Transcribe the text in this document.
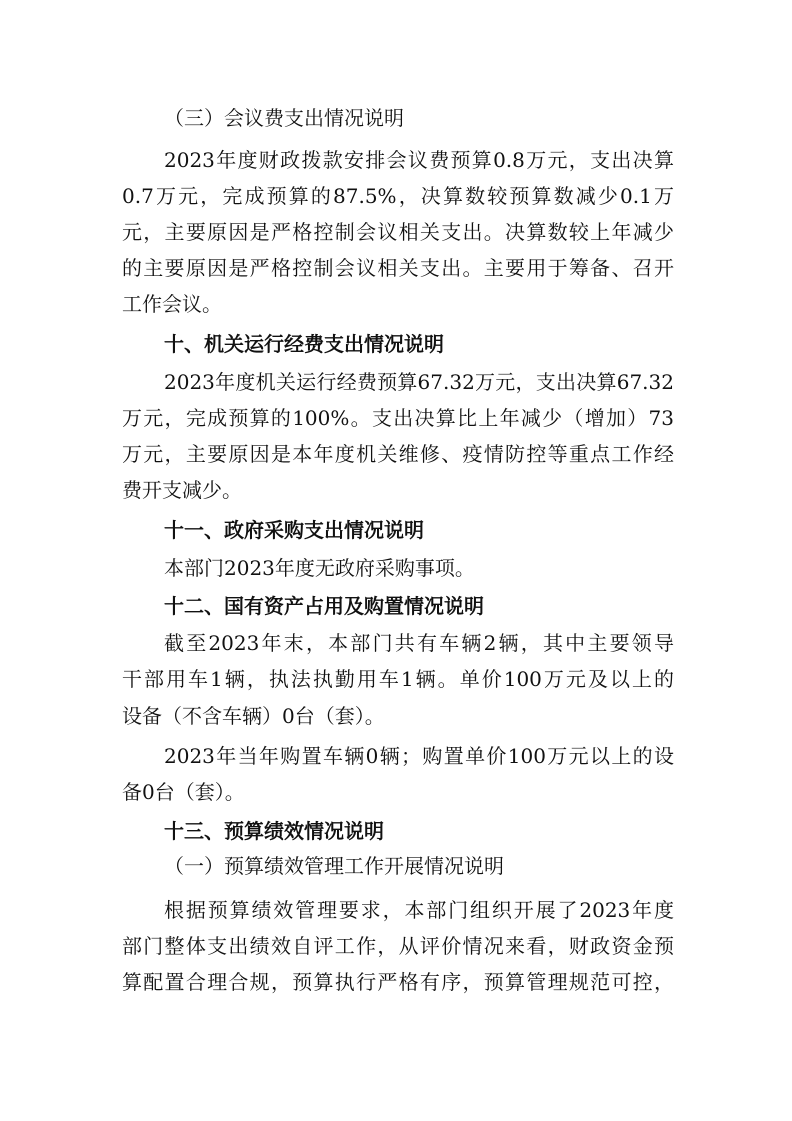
（三）会议费支出情况说明
2023年度财政拨款安排会议费预算0.8万元，支出决算
0.7万元，完成预算的87.5%，决算数较预算数减少0.1万
元，主要原因是严格控制会议相关支出。决算数较上年减少
的主要原因是严格控制会议相关支出。主要用于筹备、召开
工作会议。
十、机关运行经费支出情况说明
2023年度机关运行经费预算67.32万元，支出决算67.32
万元，完成预算的100%。支出决算比上年减少（增加）73
万元，主要原因是本年度机关维修、疫情防控等重点工作经
费开支减少。
十一、政府采购支出情况说明
本部门2023年度无政府采购事项。
十二、国有资产占用及购置情况说明
截至2023年末，本部门共有车辆2辆，其中主要领导
干部用车1辆，执法执勤用车1辆。单价100万元及以上的
设备（不含车辆）0台（套）。
2023年当年购置车辆0辆；购置单价100万元以上的设
备0台（套）。
十三、预算绩效情况说明
（一）预算绩效管理工作开展情况说明
根据预算绩效管理要求，本部门组织开展了2023年度
部门整体支出绩效自评工作，从评价情况来看，财政资金预
算配置合理合规，预算执行严格有序，预算管理规范可控，
